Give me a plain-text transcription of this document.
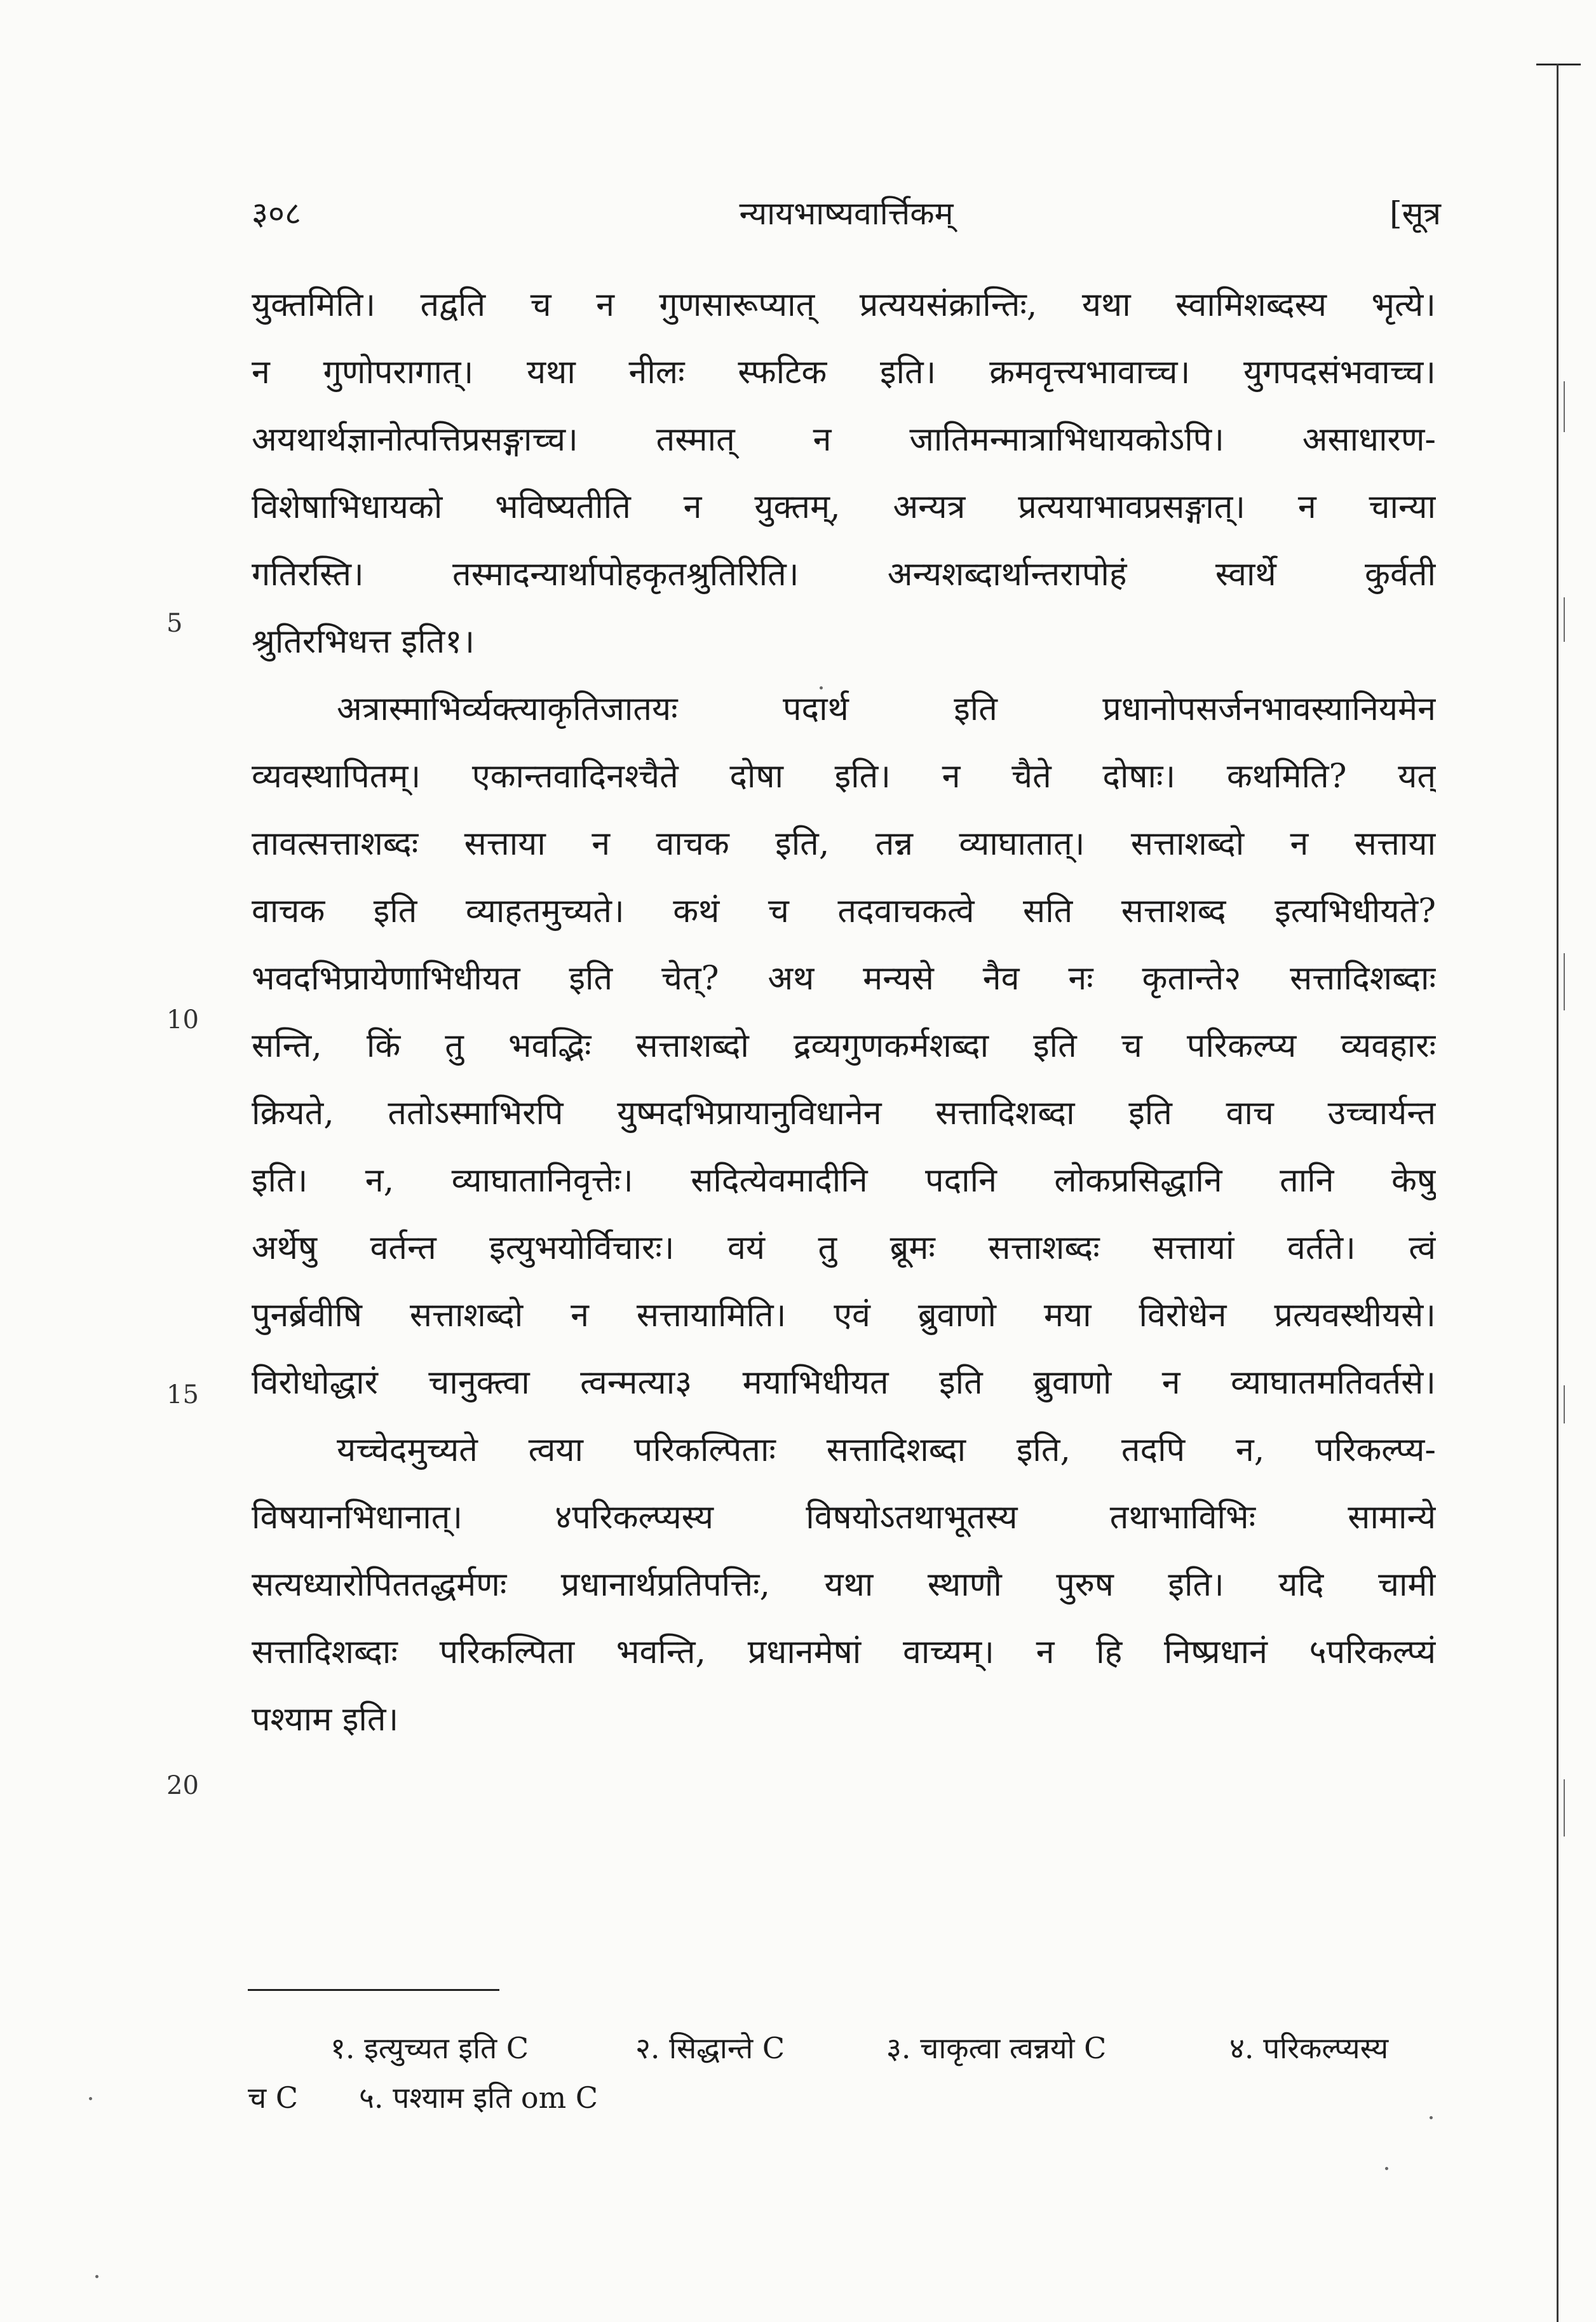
३०८	न्यायभाष्यवार्त्तिकम्	[सूत्र
युक्तमिति। तद्वति च न गुणसारूप्यात् प्रत्ययसंक्रान्तिः, यथा स्वामिशब्दस्य भृत्ये।
न गुणोपरागात्। यथा नीलः स्फटिक इति। क्रमवृत्त्यभावाच्च। युगपदसंभवाच्च।
अयथार्थज्ञानोत्पत्तिप्रसङ्गाच्च। तस्मात् न जातिमन्मात्राभिधायकोऽपि। असाधारण-
विशेषाभिधायको भविष्यतीति न युक्तम्, अन्यत्र प्रत्ययाभावप्रसङ्गात्। न चान्या
गतिरस्ति। तस्मादन्यार्थापोहकृतश्रुतिरिति। अन्यशब्दार्थान्तरापोहं स्वार्थे कुर्वती
श्रुतिरभिधत्त इति१।
अत्रास्माभिर्व्यक्त्याकृतिजातयः पदार्थ इति प्रधानोपसर्जनभावस्यानियमेन
व्यवस्थापितम्। एकान्तवादिनश्चैते दोषा इति। न चैते दोषाः। कथमिति? यत्
तावत्सत्ताशब्दः सत्ताया न वाचक इति, तन्न व्याघातात्। सत्ताशब्दो न सत्ताया
वाचक इति व्याहतमुच्यते। कथं च तदवाचकत्वे सति सत्ताशब्द इत्यभिधीयते?
भवदभिप्रायेणाभिधीयत इति चेत्? अथ मन्यसे नैव नः कृतान्ते२ सत्तादिशब्दाः
सन्ति, किं तु भवद्भिः सत्ताशब्दो द्रव्यगुणकर्मशब्दा इति च परिकल्प्य व्यवहारः
क्रियते, ततोऽस्माभिरपि युष्मदभिप्रायानुविधानेन सत्तादिशब्दा इति वाच उच्चार्यन्त
इति। न, व्याघातानिवृत्तेः। सदित्येवमादीनि पदानि लोकप्रसिद्धानि तानि केषु
अर्थेषु वर्तन्त इत्युभयोर्विचारः। वयं तु ब्रूमः सत्ताशब्दः सत्तायां वर्तते। त्वं
पुनर्ब्रवीषि सत्ताशब्दो न सत्तायामिति। एवं ब्रुवाणो मया विरोधेन प्रत्यवस्थीयसे।
विरोधोद्धारं चानुक्त्वा त्वन्मत्या३ मयाभिधीयत इति ब्रुवाणो न व्याघातमतिवर्तसे।
यच्चेदमुच्यते त्वया परिकल्पिताः सत्तादिशब्दा इति, तदपि न, परिकल्प्य-
विषयानभिधानात्। ४परिकल्प्यस्य विषयोऽतथाभूतस्य तथाभाविभिः सामान्ये
सत्यध्यारोपिततद्धर्मणः प्रधानार्थप्रतिपत्तिः, यथा स्थाणौ पुरुष इति। यदि चामी
सत्तादिशब्दाः परिकल्पिता भवन्ति, प्रधानमेषां वाच्यम्। न हि निष्प्रधानं ५परिकल्प्यं
पश्याम इति।
5
10
15
20
१. इत्युच्यत इति C	२. सिद्धान्ते C	३. चाकृत्वा त्वन्नयो C	४. परिकल्प्यस्य
च C ५. पश्याम इति om C
